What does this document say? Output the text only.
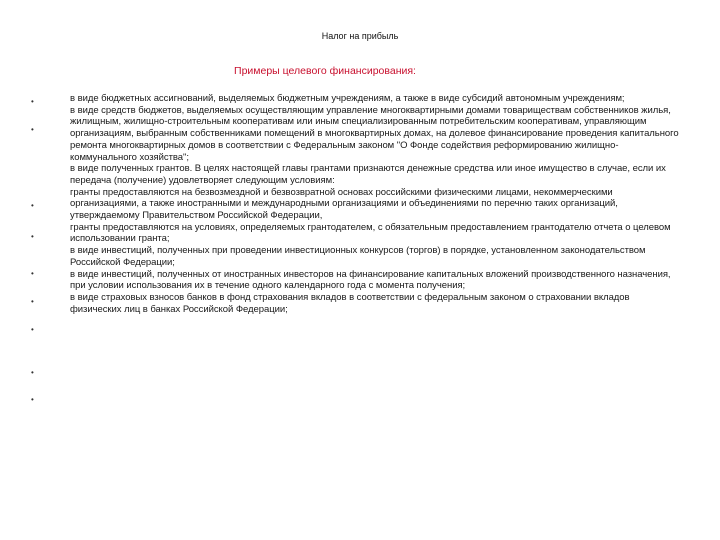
Налог на прибыль
Примеры целевого финансирования:
•
•
•
•
•
•
•
•
•

в виде бюджетных ассигнований, выделяемых бюджетным учреждениям, а также в виде субсидий автономным учреждениям;

в виде средств бюджетов, выделяемых осуществляющим управление многоквартирными домами товариществам собственников жилья, жилищным, жилищно-строительным кооперативам или иным специализированным потребительским кооперативам, управляющим организациям, выбранным собственниками помещений в многоквартирных домах, на долевое финансирование проведения капитального ремонта многоквартирных домов в соответствии с Федеральным законом "О Фонде содействия реформированию жилищно-коммунального хозяйства";

в виде полученных грантов. В целях настоящей главы грантами признаются денежные средства или иное имущество в случае, если их передача (получение) удовлетворяет следующим условиям:

гранты предоставляются на безвозмездной и безвозвратной основах российскими физическими лицами, некоммерческими организациями, а также иностранными и международными организациями и объединениями по перечню таких организаций, утверждаемому Правительством Российской Федерации,

гранты предоставляются на условиях, определяемых грантодателем, с обязательным предоставлением грантодателю отчета о целевом использовании гранта;

в виде инвестиций, полученных при проведении инвестиционных конкурсов (торгов) в порядке, установленном законодательством Российской Федерации;

в виде инвестиций, полученных от иностранных инвесторов на финансирование капитальных вложений производственного назначения, при условии использования их в течение одного календарного года с момента получения;

в виде страховых взносов банков в фонд страхования вкладов в соответствии с федеральным законом о страховании вкладов физических лиц в банках Российской Федерации;
